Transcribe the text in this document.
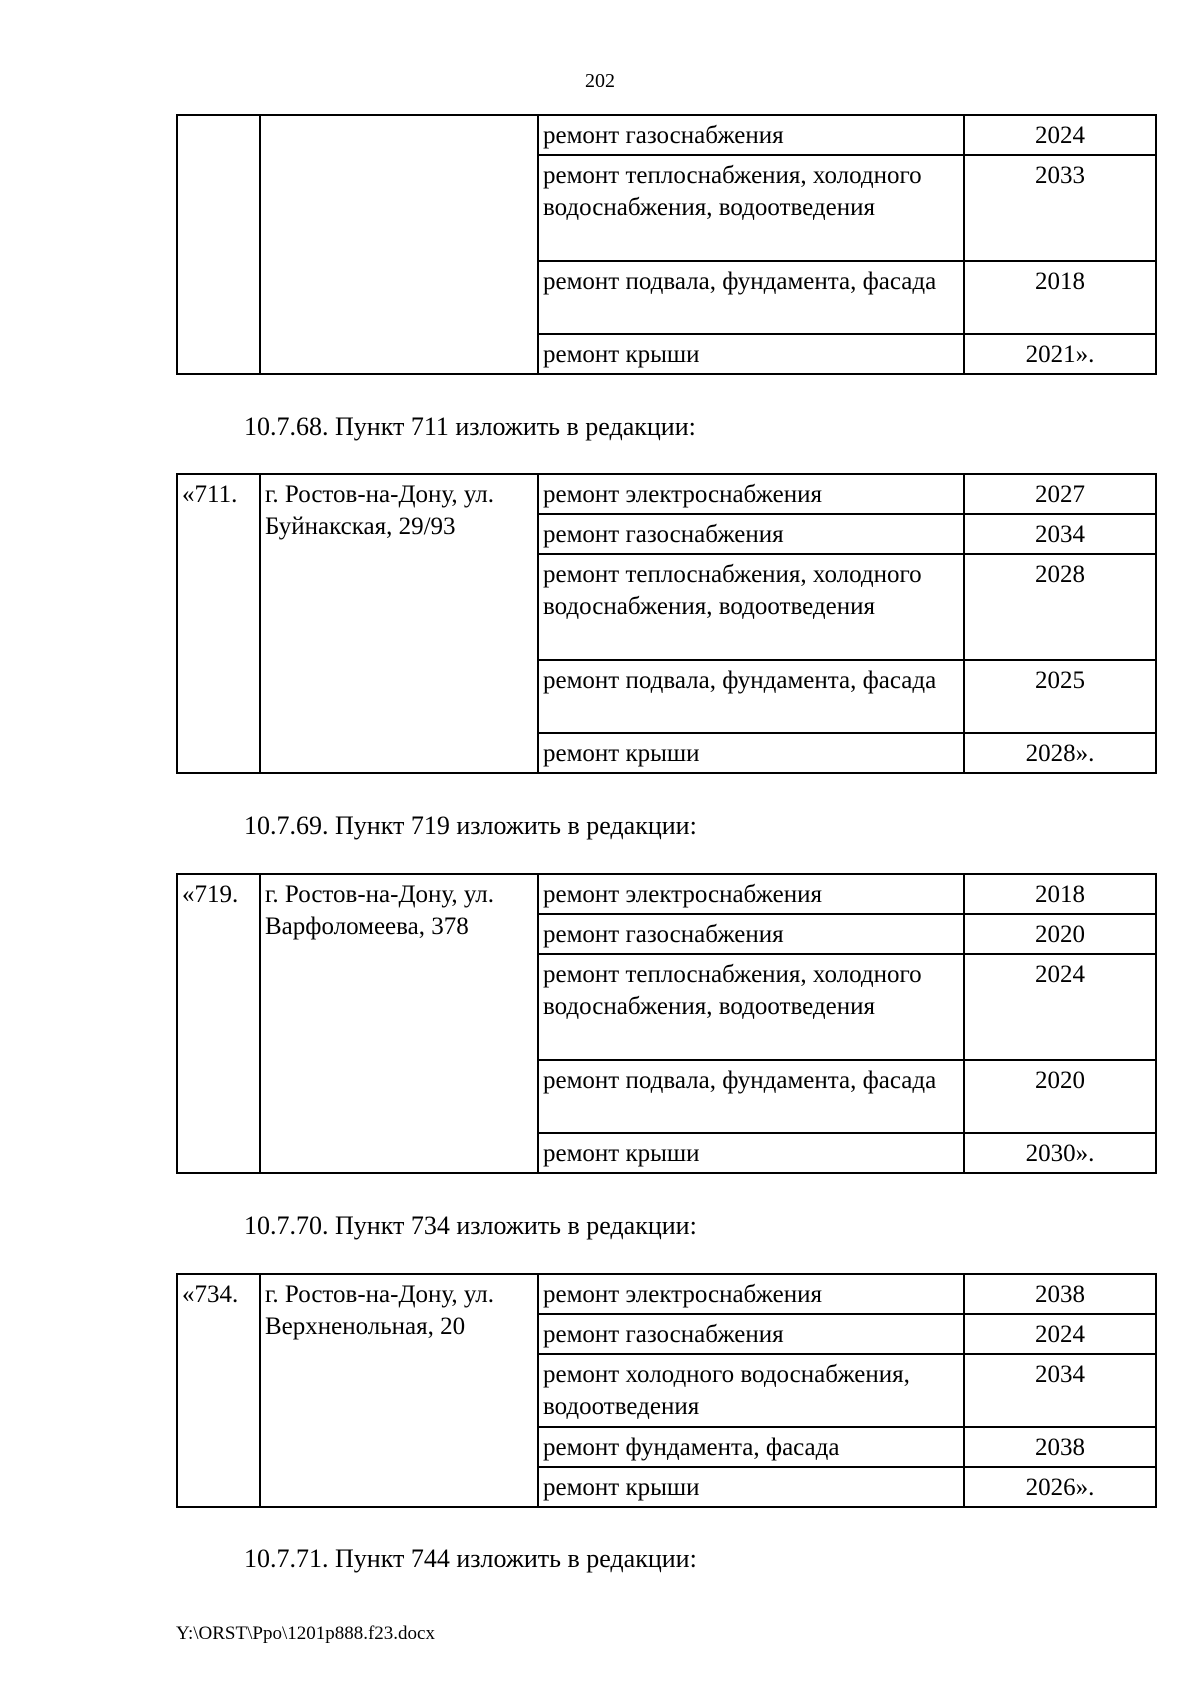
202
		ремонт газоснабжения	2024
		ремонт теплоснабжения, холодного водоснабжения, водоотведения	2033
		ремонт подвала, фундамента, фасада	2018
		ремонт крыши	2021».
10.7.68. Пункт 711 изложить в редакции:
«711.	г. Ростов-на-Дону, ул. Буйнакская, 29/93	ремонт электроснабжения	2027
		ремонт газоснабжения	2034
		ремонт теплоснабжения, холодного водоснабжения, водоотведения	2028
		ремонт подвала, фундамента, фасада	2025
		ремонт крыши	2028».
10.7.69. Пункт 719 изложить в редакции:
«719.	г. Ростов-на-Дону, ул. Варфоломеева, 378	ремонт электроснабжения	2018
		ремонт газоснабжения	2020
		ремонт теплоснабжения, холодного водоснабжения, водоотведения	2024
		ремонт подвала, фундамента, фасада	2020
		ремонт крыши	2030».
10.7.70. Пункт 734 изложить в редакции:
«734.	г. Ростов-на-Дону, ул. Верхненольная, 20	ремонт электроснабжения	2038
		ремонт газоснабжения	2024
		ремонт холодного водоснабжения, водоотведения	2034
		ремонт фундамента, фасада	2038
		ремонт крыши	2026».
10.7.71. Пункт 744 изложить в редакции:
Y:\ORST\Ppo\1201p888.f23.docx
